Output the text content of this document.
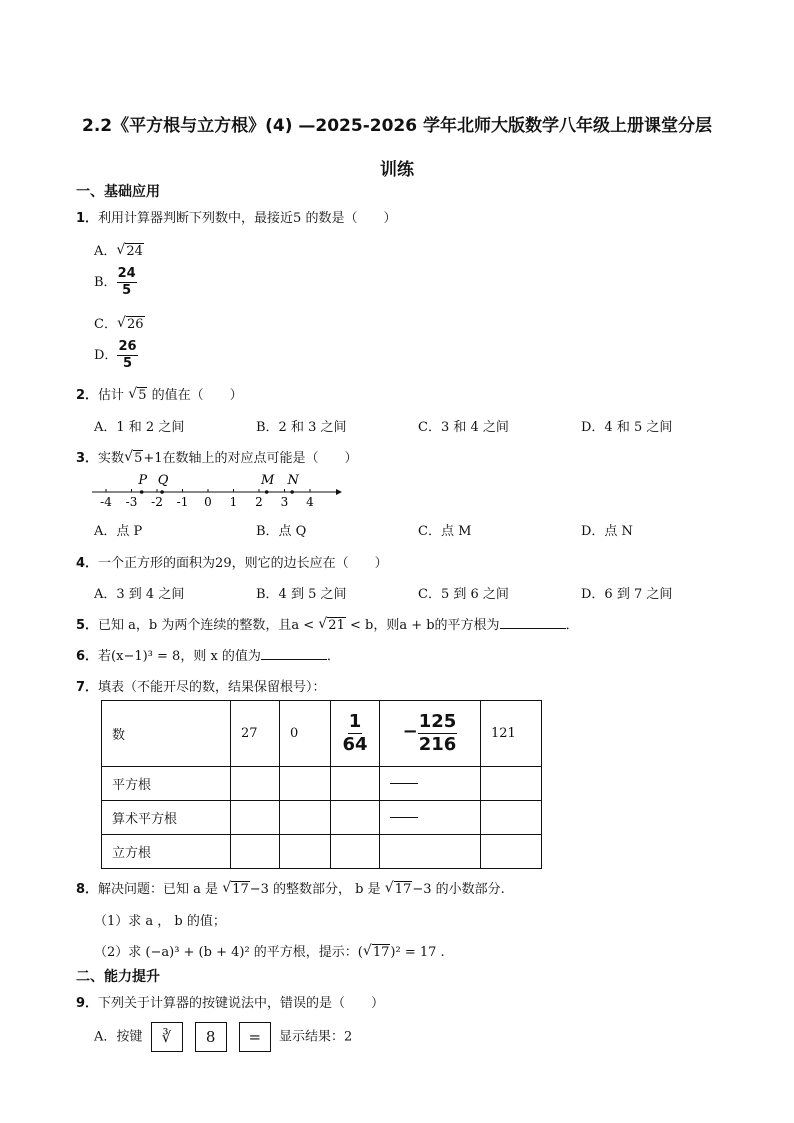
2.2《平方根与立方根》(4) —2025-2026 学年北师大版数学八年级上册课堂分层
训练
一、基础应用
1．利用计算器判断下列数中，最接近5 的数是（　　）
A． √ 24
B． $\frac{24}{5}$
C． √ 26
D． $\frac{26}{5}$
2．估计 √ 5 的值在（　　）
A．1 和 2 之间	B．2 和 3 之间	C．3 和 4 之间	D．4 和 5 之间
3．实数 √ 5+1在数轴上的对应点可能是（　　）
-4 -3 -2 -1 0 1 2 3 4
P Q	M N
A．点 P	B．点 Q	C．点 M	D．点 N
4．一个正方形的面积为29，则它的边长应在（　　）
A．3 到 4 之间	B．4 到 5 之间	C．5 到 6 之间	D．6 到 7 之间
5．已知 a，b 为两个连续的整数，且a < √ 21 < b，则a + b的平方根为	．
6．若(x−1)³ = 8，则 x 的值为	．
7．填表（不能开尽的数，结果保留根号）：
数	27	0	$\frac{1}{64}$	− $\frac{125}{216}$	121
平方根					
算术平方根					
立方根					
8．解决问题：已知 a 是 √ 17−3 的整数部分， b 是 √ 17−3 的小数部分.
（1）求 a ， b 的值；
（2）求 (−a)³ + (b + 4)² 的平方根，提示：( √ 17)² = 17 .
二、能力提升
9．下列关于计算器的按键说法中，错误的是（　　）
A．按键 ∛ 8 = 显示结果：2
